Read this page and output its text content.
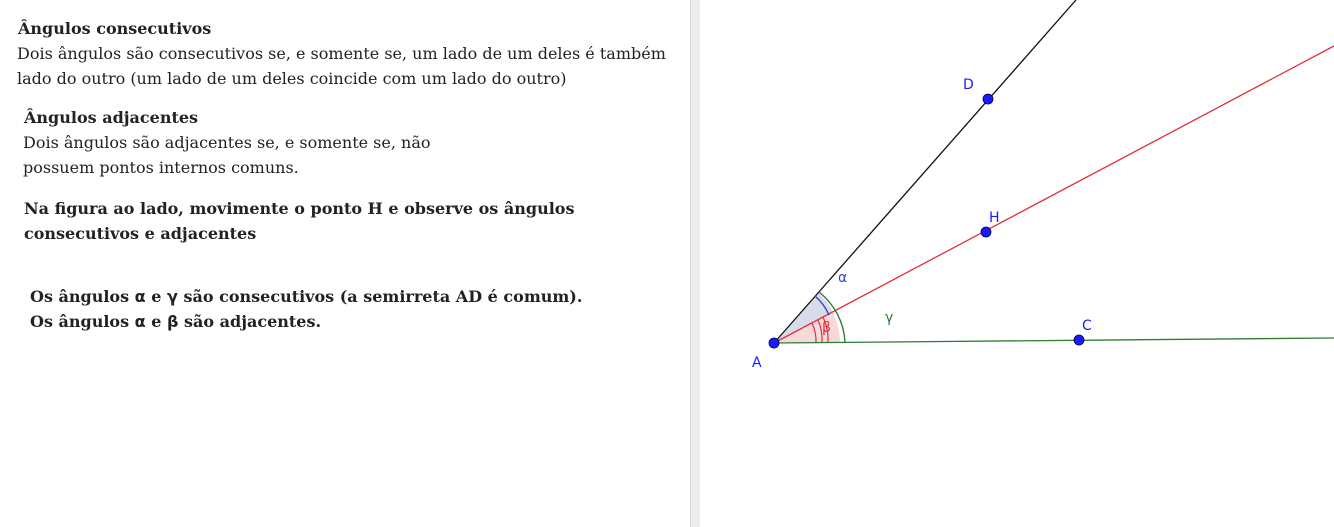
Ângulos consecutivos
Dois ângulos são consecutivos se, e somente se, um lado de um deles é também
lado do outro (um lado de um deles coincide com um lado do outro)
Ângulos adjacentes
Dois ângulos são adjacentes se, e somente se, não
possuem pontos internos comuns.
Na figura ao lado, movimente o ponto H e observe os ângulos
consecutivos e adjacentes
Os ângulos α e γ são consecutivos (a semirreta AD é comum).
Os ângulos α e β são adjacentes.
A
D
H
C
α
β
γ
